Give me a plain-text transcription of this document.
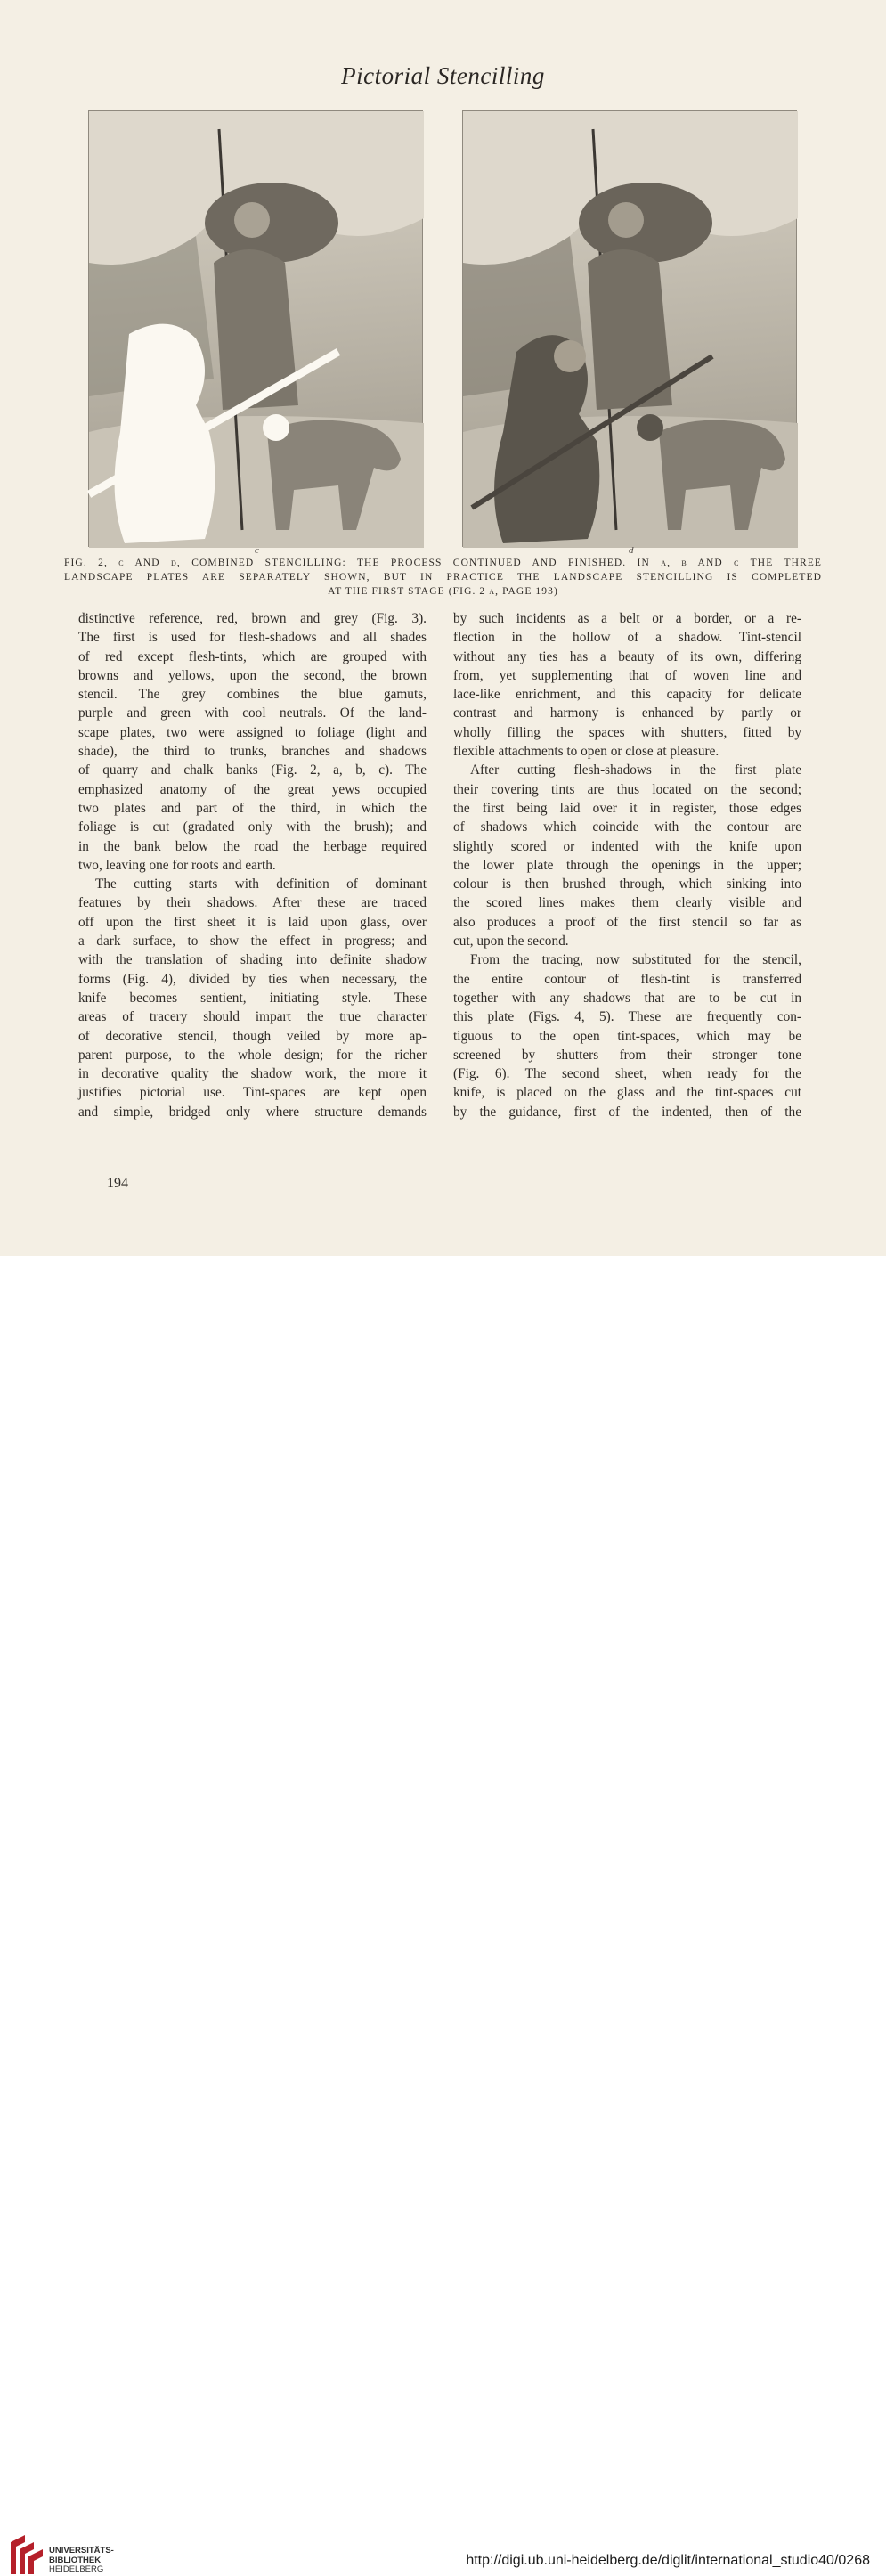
Pictorial Stencilling
c	d
FIG. 2, c AND d, COMBINED STENCILLING: THE PROCESS CONTINUED AND FINISHED. IN a, b AND c THE THREE
LANDSCAPE PLATES ARE SEPARATELY SHOWN, BUT IN PRACTICE THE LANDSCAPE STENCILLING IS COMPLETED
AT THE FIRST STAGE (FIG. 2 a, PAGE 193)

distinctive reference, red, brown and grey (Fig. 3).

The first is used for flesh-shadows and all shades

of red except flesh-tints, which are grouped with

browns and yellows, upon the second, the brown

stencil. The grey combines the blue gamuts,

purple and green with cool neutrals. Of the land-

scape plates, two were assigned to foliage (light and

shade), the third to trunks, branches and shadows

of quarry and chalk banks (Fig. 2, a, b, c). The

emphasized anatomy of the great yews occupied

two plates and part of the third, in which the

foliage is cut (gradated only with the brush); and

in the bank below the road the herbage required

two, leaving one for roots and earth.

The cutting starts with definition of dominant

features by their shadows. After these are traced

off upon the first sheet it is laid upon glass, over

a dark surface, to show the effect in progress; and

with the translation of shading into definite shadow

forms (Fig. 4), divided by ties when necessary, the

knife becomes sentient, initiating style. These

areas of tracery should impart the true character

of decorative stencil, though veiled by more ap-

parent purpose, to the whole design; for the richer

in decorative quality the shadow work, the more it

justifies pictorial use. Tint-spaces are kept open

and simple, bridged only where structure demands

by such incidents as a belt or a border, or a re-

flection in the hollow of a shadow. Tint-stencil

without any ties has a beauty of its own, differing

from, yet supplementing that of woven line and

lace-like enrichment, and this capacity for delicate

contrast and harmony is enhanced by partly or

wholly filling the spaces with shutters, fitted by

flexible attachments to open or close at pleasure.

After cutting flesh-shadows in the first plate

their covering tints are thus located on the second;

the first being laid over it in register, those edges

of shadows which coincide with the contour are

slightly scored or indented with the knife upon

the lower plate through the openings in the upper;

colour is then brushed through, which sinking into

the scored lines makes them clearly visible and

also produces a proof of the first stencil so far as

cut, upon the second.

From the tracing, now substituted for the stencil,

the entire contour of flesh-tint is transferred

together with any shadows that are to be cut in

this plate (Figs. 4, 5). These are frequently con-

tiguous to the open tint-spaces, which may be

screened by shutters from their stronger tone

(Fig. 6). The second sheet, when ready for the

knife, is placed on the glass and the tint-spaces cut

by the guidance, first of the indented, then of the

194
UNIVERSITÄTS-
BIBLIOTHEK
HEIDELBERG
http://digi.ub.uni-heidelberg.de/diglit/international_studio40/0268
